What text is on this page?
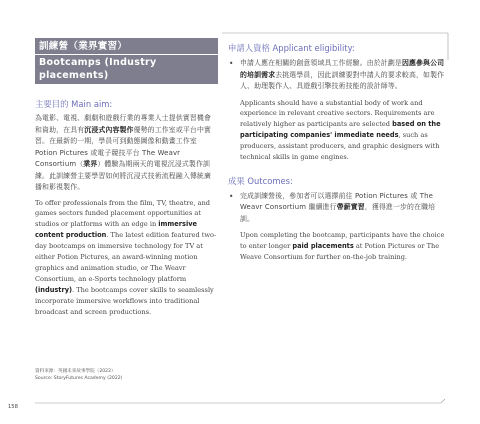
訓練營（業界實習）
Bootcamps (Industry placements)
主要目的 Main aim:

為電影、電視、劇劇和遊戲行業的專業人士提供實習機會和資助，在具有沉浸式內容製作優勢的工作室或平台中實習。在最新的一期，學員可到動態圖像和動畫工作室 Potion Pictures 或電子競技平台 The Weavr Consortium（業界）體驗為期兩天的電視沉浸式製作訓練。此訓練營主要學習如何將沉浸式技術流程融入傳統廣播和影視製作。

To offer professionals from the film, TV, theatre, and games sectors funded placement opportunities at studios or platforms with an edge in immersive content production. The latest edition featured two-day bootcamps on immersive technology for TV at either Potion Pictures, an award-winning motion graphics and animation studio, or The Weavr Consortium, an e-Sports technology platform (industry). The bootcamps cover skills to seamlessly incorporate immersive workflows into traditional broadcast and screen productions.

資料來源：英國未來故事學院（2022）
Source: StoryFutures Academy (2022)
申請人資格 Applicant eligibility:
• 申請人應在相關的創意領域具工作經驗。由於計劃是因應參與公司的培訓需求去挑選學員，因此訓練要對申請人的要求較高，如製作人、助理製作人、具遊戲引擎技術技能的設計師等。

Applicants should have a substantial body of work and experience in relevant creative sectors. Requirements are relatively higher as participants are selected based on the participating companies' immediate needs, such as producers, assistant producers, and graphic designers with technical skills in game engines.

成果 Outcomes:
• 完成訓練營後，參加者可以選擇前往 Potion Pictures 或 The Weavr Consortium 繼續進行帶薪實習，獲得進一步的在職培訓。

Upon completing the bootcamp, participants have the choice to enter longer paid placements at Potion Pictures or The Weave Consortium for further on-the-job training.

158
